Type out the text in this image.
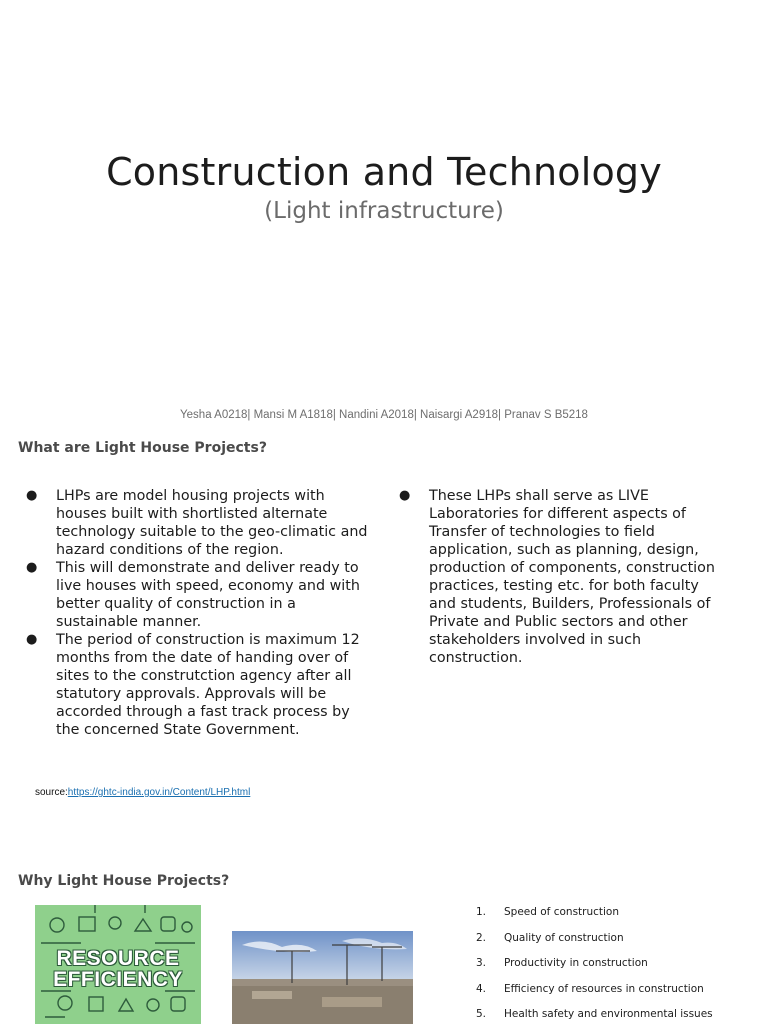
Construction and Technology
(Light infrastructure)
Yesha A0218| Mansi M A1818| Nandini A2018| Naisargi A2918| Pranav S B5218
What are Light House Projects?
● LHPs are model housing projects with houses built with shortlisted alternate technology suitable to the geo-climatic and hazard conditions of the region.
● This will demonstrate and deliver ready to live houses with speed, economy and with better quality of construction in a sustainable manner.
● The period of construction is maximum 12 months from the date of handing over of sites to the construtction agency after all statutory approvals. Approvals will be accorded through a fast track process by the concerned State Government.
● These LHPs shall serve as LIVE Laboratories for different aspects of Transfer of technologies to field application, such as planning, design, production of components, construction practices, testing etc. for both faculty and students, Builders, Professionals of Private and Public sectors and other stakeholders involved in such construction.
source:https://ghtc-india.gov.in/Content/LHP.html
Why Light House Projects?
RESOURCE
EFFICIENCY
1. Speed of construction
2. Quality of construction
3. Productivity in construction
4. Efficiency of resources in construction
5. Health safety and environmental issues
